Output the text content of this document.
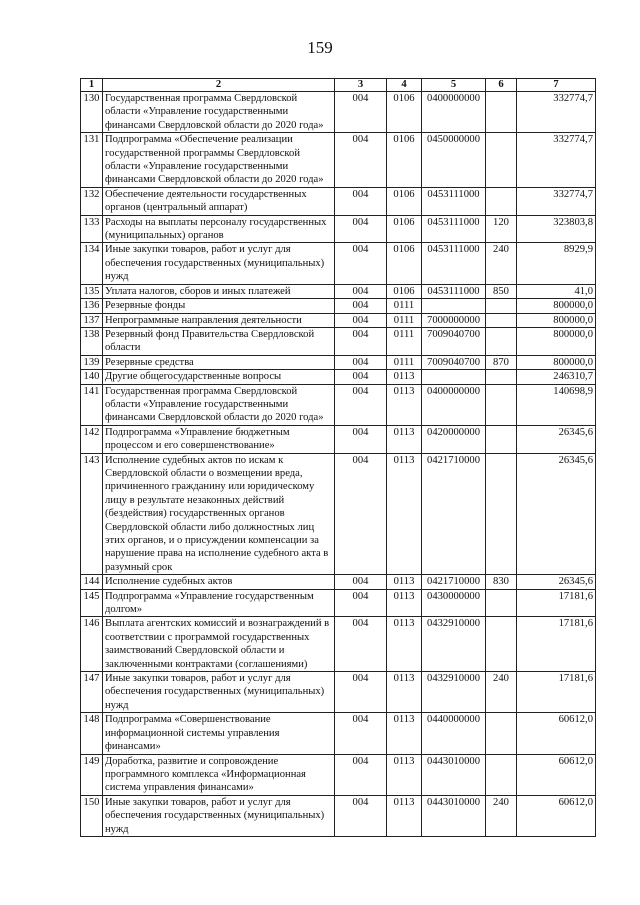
159
1	2	3	4	5	6	7
130	Государственная программа Свердловской области «Управление государственными финансами Свердловской области до 2020 года»	004	0106	0400000000		332774,7
131	Подпрограмма «Обеспечение реализации государственной программы Свердловской области «Управление государственными финансами Свердловской области до 2020 года»	004	0106	0450000000		332774,7
132	Обеспечение деятельности государственных органов (центральный аппарат)	004	0106	0453111000		332774,7
133	Расходы на выплаты персоналу государственных (муниципальных) органов	004	0106	0453111000	120	323803,8
134	Иные закупки товаров, работ и услуг для обеспечения государственных (муниципальных) нужд	004	0106	0453111000	240	8929,9
135	Уплата налогов, сборов и иных платежей	004	0106	0453111000	850	41,0
136	Резервные фонды	004	0111			800000,0
137	Непрограммные направления деятельности	004	0111	7000000000		800000,0
138	Резервный фонд Правительства Свердловской области	004	0111	7009040700		800000,0
139	Резервные средства	004	0111	7009040700	870	800000,0
140	Другие общегосударственные вопросы	004	0113			246310,7
141	Государственная программа Свердловской области «Управление государственными финансами Свердловской области до 2020 года»	004	0113	0400000000		140698,9
142	Подпрограмма «Управление бюджетным процессом и его совершенствование»	004	0113	0420000000		26345,6
143	Исполнение судебных актов по искам к Свердловской области о возмещении вреда, причиненного гражданину или юридическому лицу в результате незаконных действий (бездействия) государственных органов Свердловской области либо должностных лиц этих органов, и о присуждении компенсации за нарушение права на исполнение судебного акта в разумный срок	004	0113	0421710000		26345,6
144	Исполнение судебных актов	004	0113	0421710000	830	26345,6
145	Подпрограмма «Управление государственным долгом»	004	0113	0430000000		17181,6
146	Выплата агентских комиссий и вознаграждений в соответствии с программой государственных заимствований Свердловской области и заключенными контрактами (соглашениями)	004	0113	0432910000		17181,6
147	Иные закупки товаров, работ и услуг для обеспечения государственных (муниципальных) нужд	004	0113	0432910000	240	17181,6
148	Подпрограмма «Совершенствование информационной системы управления финансами»	004	0113	0440000000		60612,0
149	Доработка, развитие и сопровождение программного комплекса «Информационная система управления финансами»	004	0113	0443010000		60612,0
150	Иные закупки товаров, работ и услуг для обеспечения государственных (муниципальных) нужд	004	0113	0443010000	240	60612,0
